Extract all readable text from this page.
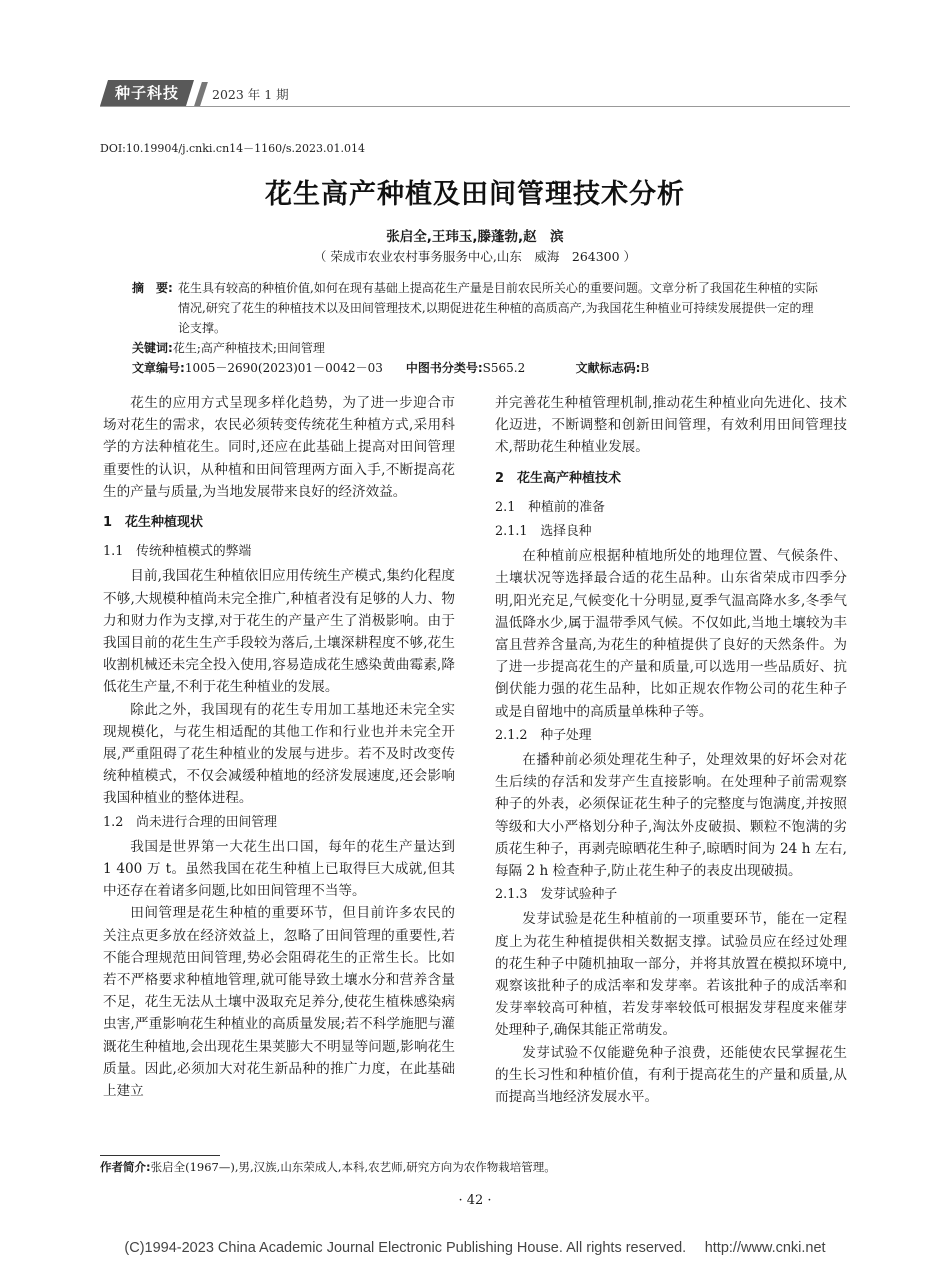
种子科技	2023 年 1 期
DOI:10.19904/j.cnki.cn14－1160/s.2023.01.014
花生高产种植及田间管理技术分析
张启全,王玮玉,滕蓬勃,赵　滨
（ 荣成市农业农村事务服务中心,山东　威海　264300 ）
摘　要: 花生具有较高的种植价值,如何在现有基础上提高花生产量是目前农民所关心的重要问题。文章分析了我国花生种植的实际情况,研究了花生的种植技术以及田间管理技术,以期促进花生种植的高质高产,为我国花生种植业可持续发展提供一定的理论支撑。
关键词:花生;高产种植技术;田间管理
文章编号:1005－2690(2023)01－0042－03 中图书分类号:S565.2	文献标志码:B

花生的应用方式呈现多样化趋势，为了进一步迎合市场对花生的需求，农民必须转变传统花生种植方式,采用科学的方法种植花生。同时,还应在此基础上提高对田间管理重要性的认识，从种植和田间管理两方面入手,不断提高花生的产量与质量,为当地发展带来良好的经济效益。

1　花生种植现状
1.1　传统种植模式的弊端

目前,我国花生种植依旧应用传统生产模式,集约化程度不够,大规模种植尚未完全推广,种植者没有足够的人力、物力和财力作为支撑,对于花生的产量产生了消极影响。由于我国目前的花生生产手段较为落后,土壤深耕程度不够,花生收割机械还未完全投入使用,容易造成花生感染黄曲霉素,降低花生产量,不利于花生种植业的发展。

除此之外，我国现有的花生专用加工基地还未完全实现规模化，与花生相适配的其他工作和行业也并未完全开展,严重阻碍了花生种植业的发展与进步。若不及时改变传统种植模式，不仅会减缓种植地的经济发展速度,还会影响我国种植业的整体进程。

1.2　尚未进行合理的田间管理

我国是世界第一大花生出口国，每年的花生产量达到 1 400 万 t。虽然我国在花生种植上已取得巨大成就,但其中还存在着诸多问题,比如田间管理不当等。

田间管理是花生种植的重要环节，但目前许多农民的关注点更多放在经济效益上，忽略了田间管理的重要性,若不能合理规范田间管理,势必会阻碍花生的正常生长。比如若不严格要求种植地管理,就可能导致土壤水分和营养含量不足，花生无法从土壤中汲取充足养分,使花生植株感染病虫害,严重影响花生种植业的高质量发展;若不科学施肥与灌溉花生种植地,会出现花生果荚膨大不明显等问题,影响花生质量。因此,必须加大对花生新品种的推广力度，在此基础上建立

并完善花生种植管理机制,推动花生种植业向先进化、技术化迈进，不断调整和创新田间管理，有效利用田间管理技术,帮助花生种植业发展。

2　花生高产种植技术
2.1　种植前的准备
2.1.1　选择良种

在种植前应根据种植地所处的地理位置、气候条件、土壤状况等选择最合适的花生品种。山东省荣成市四季分明,阳光充足,气候变化十分明显,夏季气温高降水多,冬季气温低降水少,属于温带季风气候。不仅如此,当地土壤较为丰富且营养含量高,为花生的种植提供了良好的天然条件。为了进一步提高花生的产量和质量,可以选用一些品质好、抗倒伏能力强的花生品种，比如正规农作物公司的花生种子或是自留地中的高质量单株种子等。

2.1.2　种子处理

在播种前必须处理花生种子，处理效果的好坏会对花生后续的存活和发芽产生直接影响。在处理种子前需观察种子的外表，必须保证花生种子的完整度与饱满度,并按照等级和大小严格划分种子,淘汰外皮破损、颗粒不饱满的劣质花生种子，再剥壳晾晒花生种子,晾晒时间为 24 h 左右,每隔 2 h 检查种子,防止花生种子的表皮出现破损。

2.1.3　发芽试验种子

发芽试验是花生种植前的一项重要环节，能在一定程度上为花生种植提供相关数据支撑。试验员应在经过处理的花生种子中随机抽取一部分，并将其放置在模拟环境中,观察该批种子的成活率和发芽率。若该批种子的成活率和发芽率较高可种植，若发芽率较低可根据发芽程度来催芽处理种子,确保其能正常萌发。

发芽试验不仅能避免种子浪费，还能使农民掌握花生的生长习性和种植价值，有利于提高花生的产量和质量,从而提高当地经济发展水平。

作者简介:张启全(1967—),男,汉族,山东荣成人,本科,农艺师,研究方向为农作物栽培管理。
· 42 ·
(C)1994-2023 China Academic Journal Electronic Publishing House. All rights reserved.　 http://www.cnki.net
